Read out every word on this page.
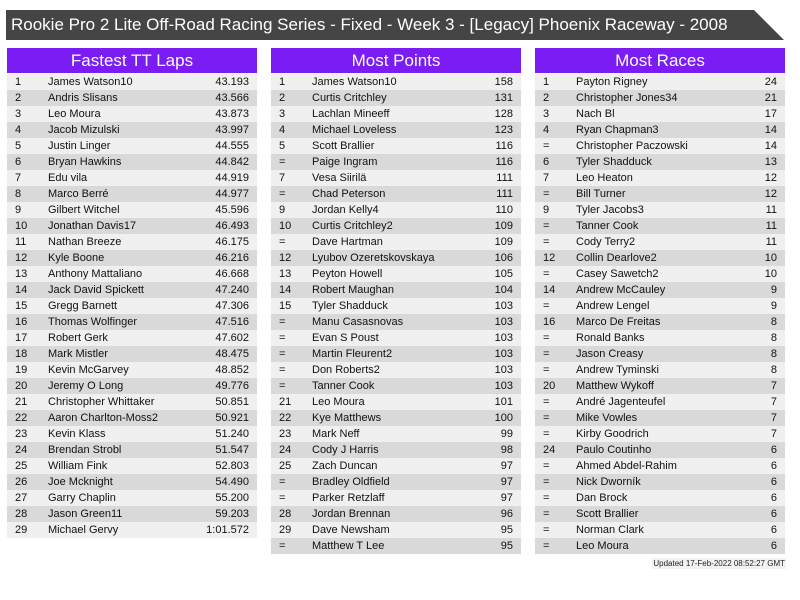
Rookie Pro 2 Lite Off-Road Racing Series - Fixed - Week 3 - [Legacy] Phoenix Raceway - 2008
Fastest TT Laps
1 James Watson10	43.193
2 Andris Slisans	43.566
3 Leo Moura	43.873
4 Jacob Mizulski	43.997
5 Justin Linger	44.555
6 Bryan Hawkins	44.842
7 Edu vila	44.919
8 Marco Berré	44.977
9 Gilbert Witchel	45.596
10 Jonathan Davis17	46.493
11 Nathan Breeze	46.175
12 Kyle Boone	46.216
13 Anthony Mattaliano	46.668
14 Jack David Spickett	47.240
15 Gregg Barnett	47.306
16 Thomas Wolfinger	47.516
17 Robert Gerk	47.602
18 Mark Mistler	48.475
19 Kevin McGarvey	48.852
20 Jeremy O Long	49.776
21 Christopher Whittaker	50.851
22 Aaron Charlton-Moss2	50.921
23 Kevin Klass	51.240
24 Brendan Strobl	51.547
25 William Fink	52.803
26 Joe Mcknight	54.490
27 Garry Chaplin	55.200
28 Jason Green11	59.203
29 Michael Gervy	1:01.572
Most Points
1 James Watson10	158
2 Curtis Critchley	131
3 Lachlan Mineeff	128
4 Michael Loveless	123
5 Scott Brallier	116
= Paige Ingram	116
7 Vesa Siirilä	111
= Chad Peterson	111
9 Jordan Kelly4	110
10 Curtis Critchley2	109
= Dave Hartman	109
12 Lyubov Ozeretskovskaya	106
13 Peyton Howell	105
14 Robert Maughan	104
15 Tyler Shadduck	103
= Manu Casasnovas	103
= Evan S Poust	103
= Martin Fleurent2	103
= Don Roberts2	103
= Tanner Cook	103
21 Leo Moura	101
22 Kye Matthews	100
23 Mark Neff	99
24 Cody J Harris	98
25 Zach Duncan	97
= Bradley Oldfield	97
= Parker Retzlaff	97
28 Jordan Brennan	96
29 Dave Newsham	95
= Matthew T Lee	95
Most Races
1 Payton Rigney	24
2 Christopher Jones34	21
3 Nach Bl	17
4 Ryan Chapman3	14
= Christopher Paczowski	14
6 Tyler Shadduck	13
7 Leo Heaton	12
= Bill Turner	12
9 Tyler Jacobs3	11
= Tanner Cook	11
= Cody Terry2	11
12 Collin Dearlove2	10
= Casey Sawetch2	10
14 Andrew McCauley	9
= Andrew Lengel	9
16 Marco De Freitas	8
= Ronald Banks	8
= Jason Creasy	8
= Andrew Tyminski	8
20 Matthew Wykoff	7
= André Jagenteufel	7
= Mike Vowles	7
= Kirby Goodrich	7
24 Paulo Coutinho	6
= Ahmed Abdel-Rahim	6
= Nick Dworník	6
= Dan Brock	6
= Scott Brallier	6
= Norman Clark	6
= Leo Moura	6
Updated 17-Feb-2022 08:52:27 GMT
